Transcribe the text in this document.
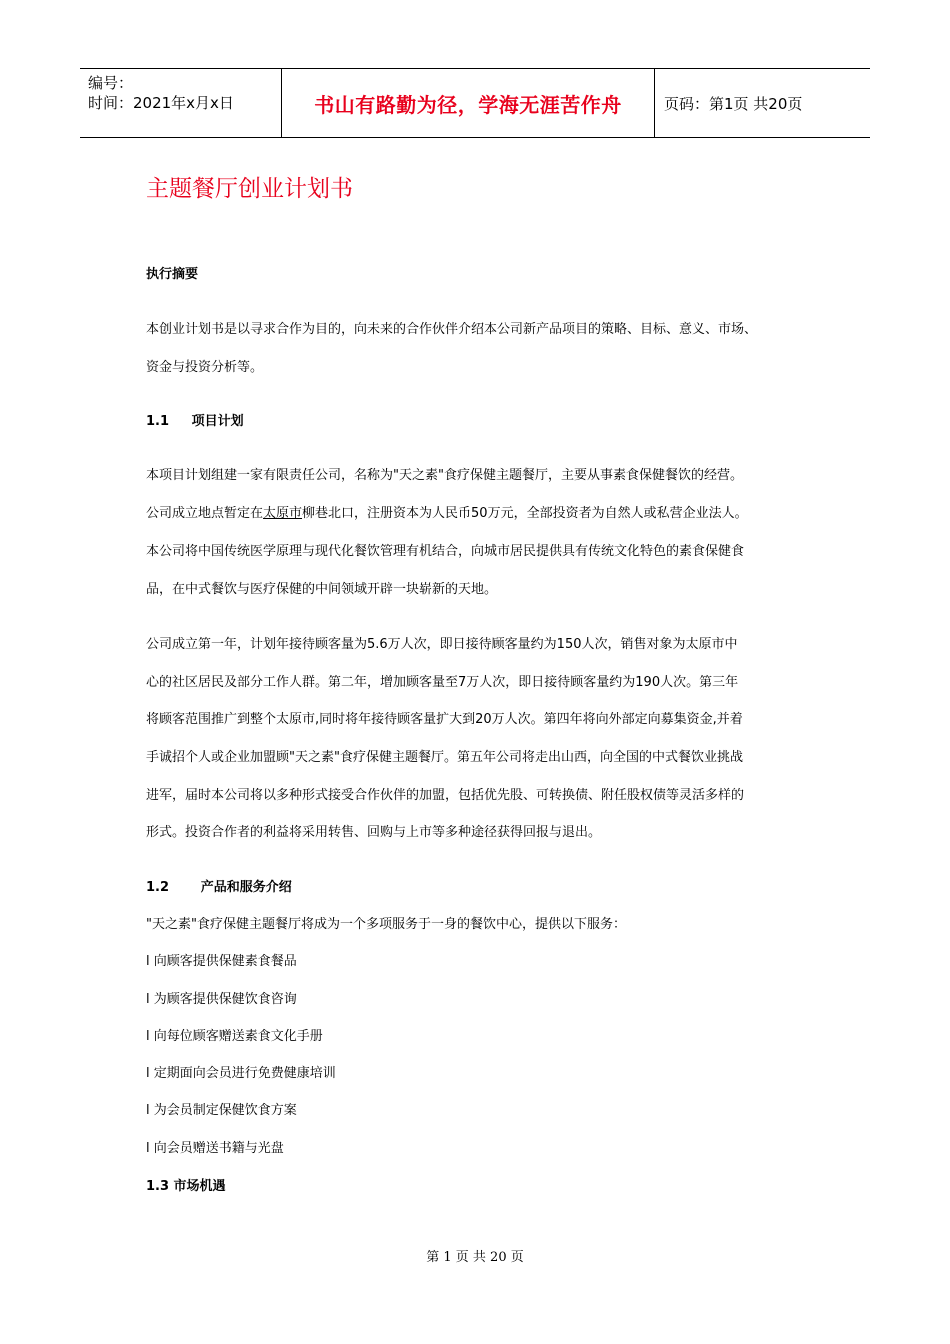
编号：
时间：2021年x月x日	书山有路勤为径，学海无涯苦作舟	页码：第1页 共20页
主题餐厅创业计划书
执行摘要
本创业计划书是以寻求合作为目的，向未来的合作伙伴介绍本公司新产品项目的策略、目标、意义、市场、
资金与投资分析等。
1.1 项目计划
本项目计划组建一家有限责任公司，名称为"天之素"食疗保健主题餐厅，主要从事素食保健餐饮的经营。
公司成立地点暂定在太原市柳巷北口，注册资本为人民币50万元，全部投资者为自然人或私营企业法人。
本公司将中国传统医学原理与现代化餐饮管理有机结合，向城市居民提供具有传统文化特色的素食保健食
品，在中式餐饮与医疗保健的中间领域开辟一块崭新的天地。
公司成立第一年，计划年接待顾客量为5.6万人次，即日接待顾客量约为150人次，销售对象为太原市中
心的社区居民及部分工作人群。第二年，增加顾客量至7万人次，即日接待顾客量约为190人次。第三年
将顾客范围推广到整个太原市,同时将年接待顾客量扩大到20万人次。第四年将向外部定向募集资金,并着
手诚招个人或企业加盟顾"天之素"食疗保健主题餐厅。第五年公司将走出山西，向全国的中式餐饮业挑战
进军，届时本公司将以多种形式接受合作伙伴的加盟，包括优先股、可转换债、附任股权债等灵活多样的
形式。投资合作者的利益将采用转售、回购与上市等多种途径获得回报与退出。
1.2 产品和服务介绍
"天之素"食疗保健主题餐厅将成为一个多项服务于一身的餐饮中心，提供以下服务：
l 向顾客提供保健素食餐品
l 为顾客提供保健饮食咨询
l 向每位顾客赠送素食文化手册
l 定期面向会员进行免费健康培训
l 为会员制定保健饮食方案
l 向会员赠送书籍与光盘
1.3 市场机遇
第 1 页 共 20 页
